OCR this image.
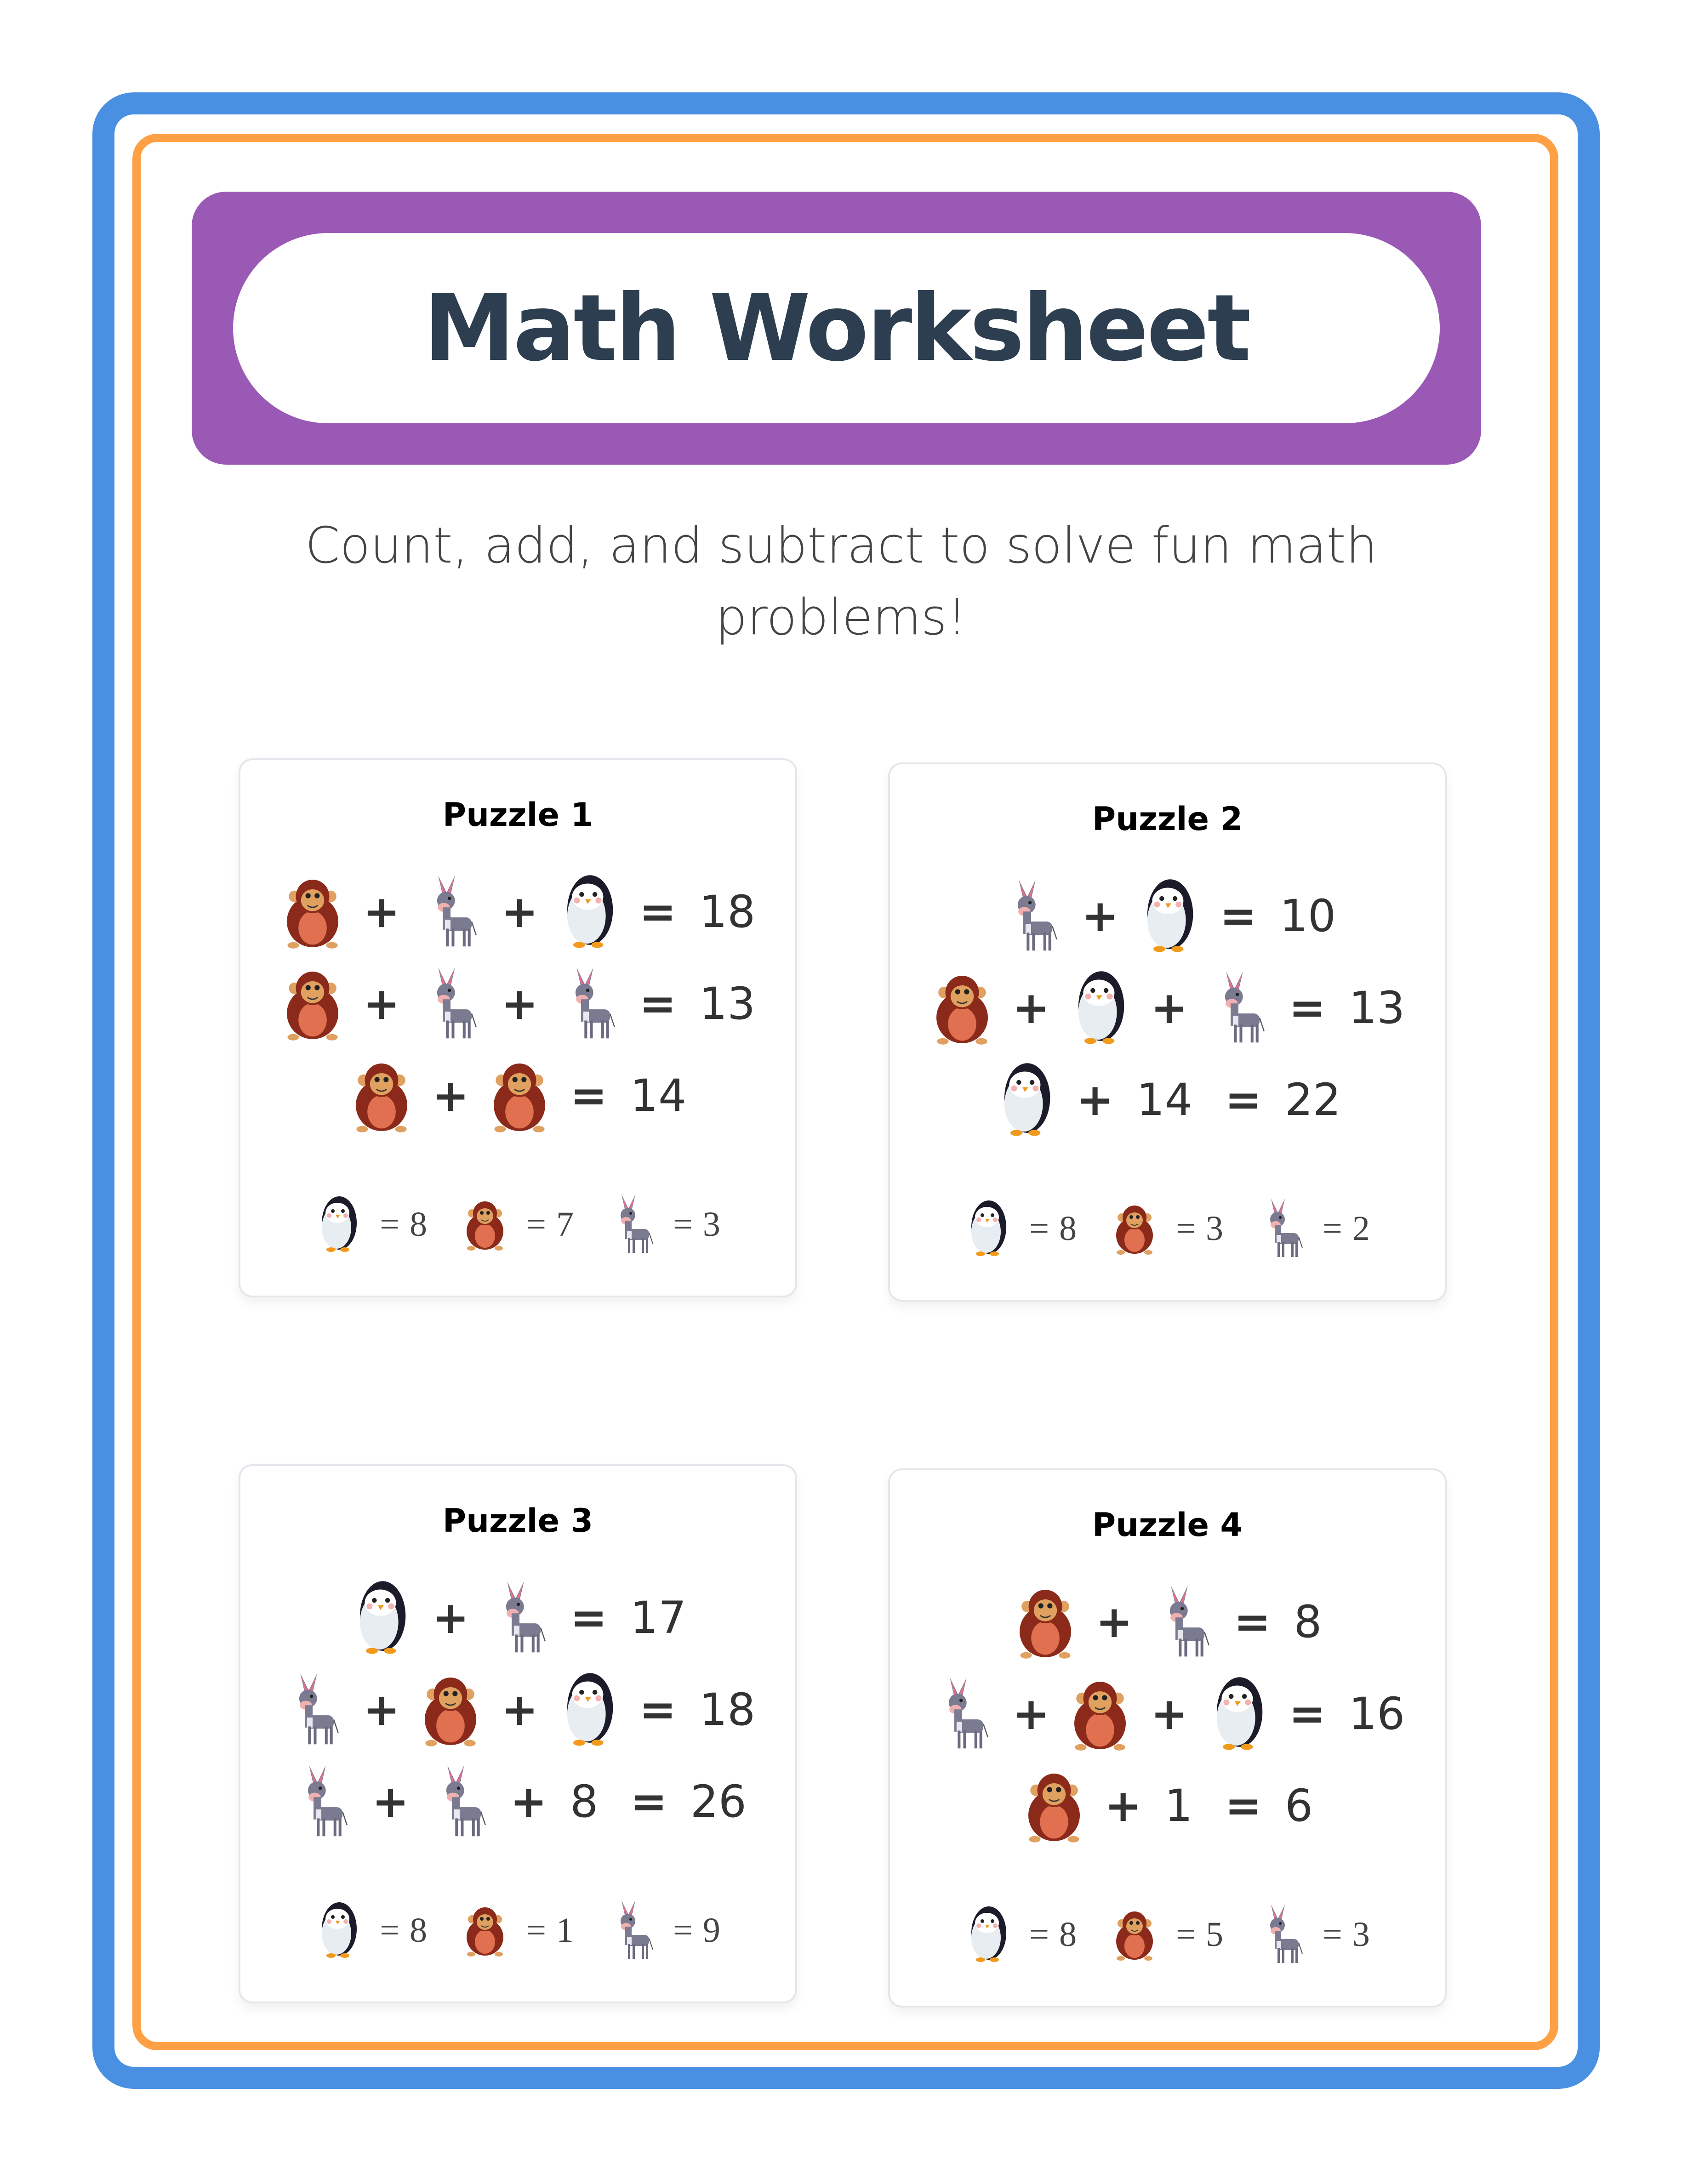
Math Worksheet
Count, add, and subtract to solve fun math problems!
Puzzle 1
+ + = 18
+ + = 13
+ = 14
= 8	= 7	= 3
Puzzle 2
+ = 10
+ + = 13
+ 14 = 22
= 8	= 3	= 2
Puzzle 3
+ = 17
+ + = 18
+ + 8 = 26
= 8	= 1	= 9
Puzzle 4
+ = 8
+ + = 16
+ 1 = 6
= 8	= 5	= 3
